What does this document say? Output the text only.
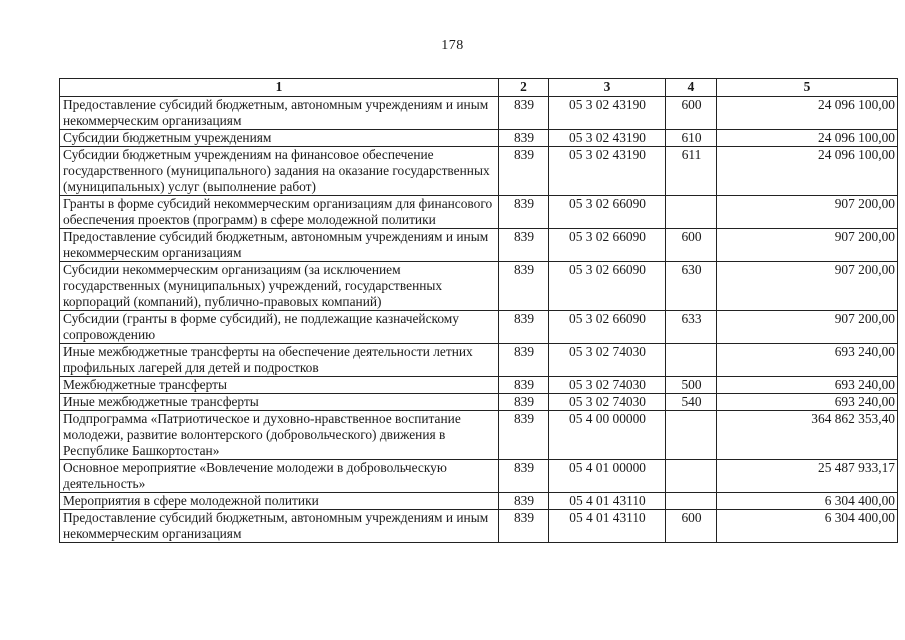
178
1	2	3	4	5
Предоставление субсидий бюджетным, автономным учреждениям и иным некоммерческим организациям	839	05 3 02 43190	600	24 096 100,00
Субсидии бюджетным учреждениям	839	05 3 02 43190	610	24 096 100,00
Субсидии бюджетным учреждениям на финансовое обеспечение государственного (муниципального) задания на оказание государственных (муниципальных) услуг (выполнение работ)	839	05 3 02 43190	611	24 096 100,00
Гранты в форме субсидий некоммерческим организациям для финансового обеспечения проектов (программ) в сфере молодежной политики	839	05 3 02 66090		907 200,00
Предоставление субсидий бюджетным, автономным учреждениям и иным некоммерческим организациям	839	05 3 02 66090	600	907 200,00
Субсидии некоммерческим организациям (за исключением государственных (муниципальных) учреждений, государственных корпораций (компаний), публично-правовых компаний)	839	05 3 02 66090	630	907 200,00
Субсидии (гранты в форме субсидий), не подлежащие казначейскому сопровождению	839	05 3 02 66090	633	907 200,00
Иные межбюджетные трансферты на обеспечение деятельности летних профильных лагерей для детей и подростков	839	05 3 02 74030		693 240,00
Межбюджетные трансферты	839	05 3 02 74030	500	693 240,00
Иные межбюджетные трансферты	839	05 3 02 74030	540	693 240,00
Подпрограмма «Патриотическое и духовно-нравственное воспитание молодежи, развитие волонтерского (добровольческого) движения в Республике Башкортостан»	839	05 4 00 00000		364 862 353,40
Основное мероприятие «Вовлечение молодежи в добровольческую деятельность»	839	05 4 01 00000		25 487 933,17
Мероприятия в сфере молодежной политики	839	05 4 01 43110		6 304 400,00
Предоставление субсидий бюджетным, автономным учреждениям и иным некоммерческим организациям	839	05 4 01 43110	600	6 304 400,00
